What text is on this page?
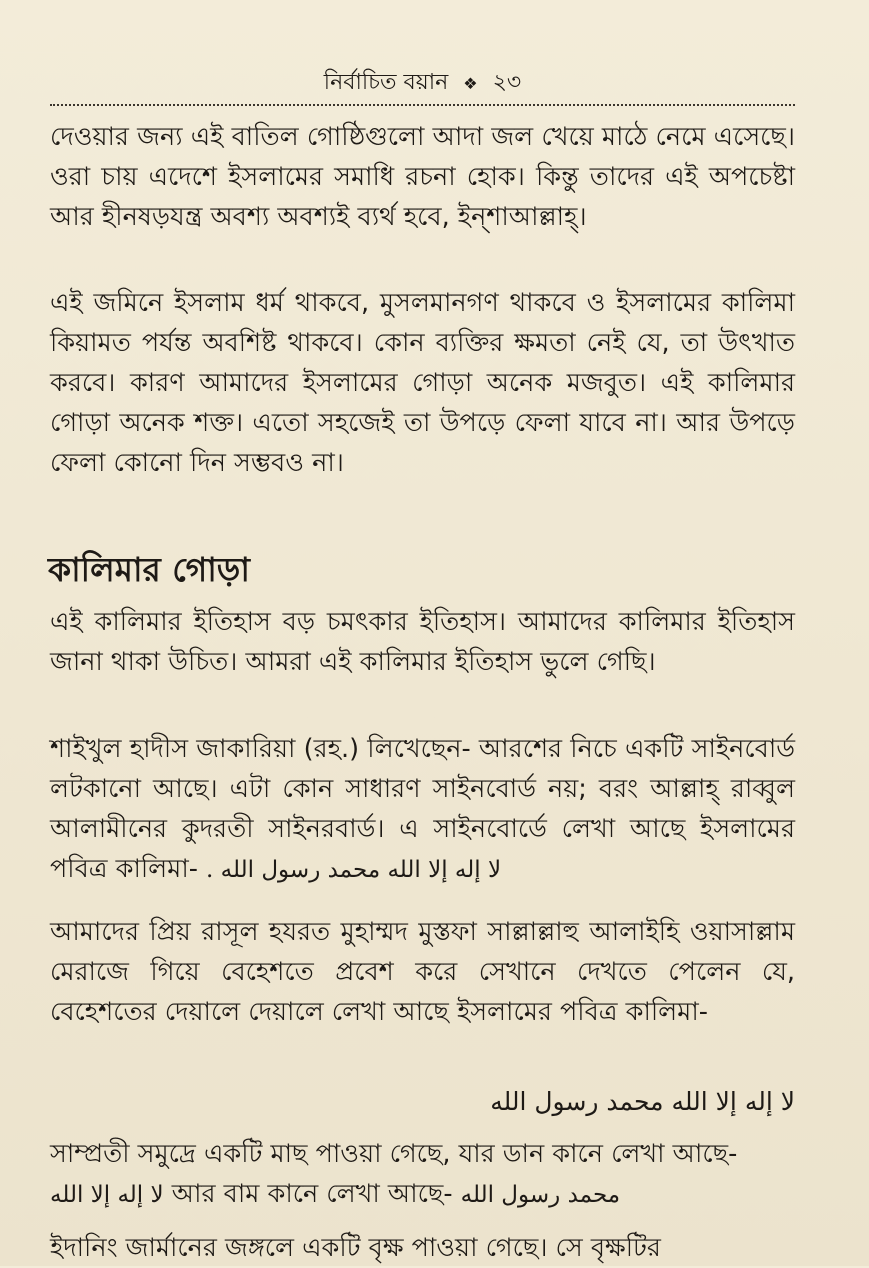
নির্বাচিত বয়ান ❖ ২৩

দেওয়ার জন্য এই বাতিল গোষ্ঠিগুলো আদা জল খেয়ে মাঠে নেমে এসেছে। ওরা চায় এদেশে ইসলামের সমাধি রচনা হোক। কিন্তু তাদের এই অপচেষ্টা আর হীনষড়যন্ত্র অবশ্য অবশ্যই ব্যর্থ হবে, ইন্‌শাআল্লাহ্।

এই জমিনে ইসলাম ধর্ম থাকবে, মুসলমানগণ থাকবে ও ইসলামের কালিমা কিয়ামত পর্যন্ত অবশিষ্ট থাকবে। কোন ব্যক্তির ক্ষমতা নেই যে, তা উৎখাত করবে। কারণ আমাদের ইসলামের গোড়া অনেক মজবুত। এই কালিমার গোড়া অনেক শক্ত। এতো সহজেই তা উপড়ে ফেলা যাবে না। আর উপড়ে ফেলা কোনো দিন সম্ভবও না।

কালিমার গোড়া

এই কালিমার ইতিহাস বড় চমৎকার ইতিহাস। আমাদের কালিমার ইতিহাস জানা থাকা উচিত। আমরা এই কালিমার ইতিহাস ভুলে গেছি।

শাইখুল হাদীস জাকারিয়া (রহ.) লিখেছেন- আরশের নিচে একটি সাইনবোর্ড লটকানো আছে। এটা কোন সাধারণ সাইনবোর্ড নয়; বরং আল্লাহ্ রাব্বুল আলামীনের কুদরতী সাইনরবার্ড। এ সাইনবোর্ডে লেখা আছে ইসলামের পবিত্র কালিমা- لا إله إلا الله محمد رسول الله .

আমাদের প্রিয় রাসূল হযরত মুহাম্মদ মুস্তফা সাল্লাল্লাহু আলাইহি ওয়াসাল্লাম মেরাজে গিয়ে বেহেশতে প্রবেশ করে সেখানে দেখতে পেলেন যে, বেহেশতের দেয়ালে দেয়ালে লেখা আছে ইসলামের পবিত্র কালিমা-

لا إله إلا الله محمد رسول الله

সাম্প্রতী সমুদ্রে একটি মাছ পাওয়া গেছে, যার ডান কানে লেখা আছে-
لا إله إلا الله আর বাম কানে লেখা আছে- محمد رسول الله

ইদানিং জার্মানের জঙ্গলে একটি বৃক্ষ পাওয়া গেছে। সে বৃক্ষটির
